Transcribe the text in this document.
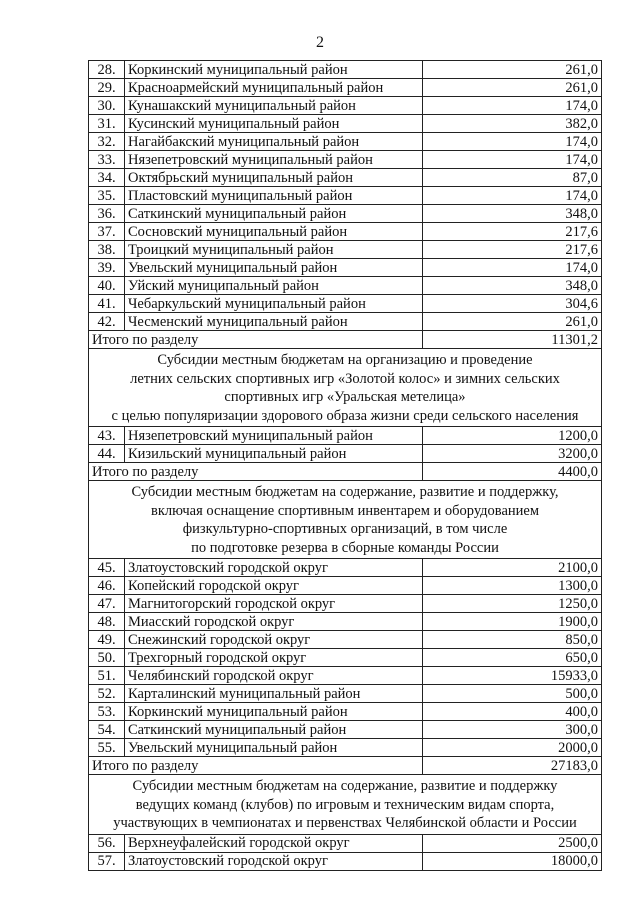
2
28.	Коркинский муниципальный район	261,0
29.	Красноармейский муниципальный район	261,0
30.	Кунашакский муниципальный район	174,0
31.	Кусинский муниципальный район	382,0
32.	Нагайбакский муниципальный район	174,0
33.	Нязепетровский муниципальный район	174,0
34.	Октябрьский муниципальный район	87,0
35.	Пластовский муниципальный район	174,0
36.	Саткинский муниципальный район	348,0
37.	Сосновский муниципальный район	217,6
38.	Троицкий муниципальный район	217,6
39.	Увельский муниципальный район	174,0
40.	Уйский муниципальный район	348,0
41.	Чебаркульский муниципальный район	304,6
42.	Чесменский муниципальный район	261,0
Итого по разделу		11301,2

Субсидии местным бюджетам на организацию и проведение
летних сельских спортивных игр «Золотой колос» и зимних сельских
спортивных игр «Уральская метелица»
с целью популяризации здорового образа жизни среди сельского населения		

43.	Нязепетровский муниципальный район	1200,0
44.	Кизильский муниципальный район	3200,0
Итого по разделу		4400,0

Субсидии местным бюджетам на содержание, развитие и поддержку,
включая оснащение спортивным инвентарем и оборудованием
физкультурно-спортивных организаций, в том числе
по подготовке резерва в сборные команды России		

45.	Златоустовский городской округ	2100,0
46.	Копейский городской округ	1300,0
47.	Магнитогорский городской округ	1250,0
48.	Миасский городской округ	1900,0
49.	Снежинский городской округ	850,0
50.	Трехгорный городской округ	650,0
51.	Челябинский городской округ	15933,0
52.	Карталинский муниципальный район	500,0
53.	Коркинский муниципальный район	400,0
54.	Саткинский муниципальный район	300,0
55.	Увельский муниципальный район	2000,0
Итого по разделу		27183,0

Субсидии местным бюджетам на содержание, развитие и поддержку
ведущих команд (клубов) по игровым и техническим видам спорта,
участвующих в чемпионатах и первенствах Челябинской области и России		

56.	Верхнеуфалейский городской округ	2500,0
57.	Златоустовский городской округ	18000,0
